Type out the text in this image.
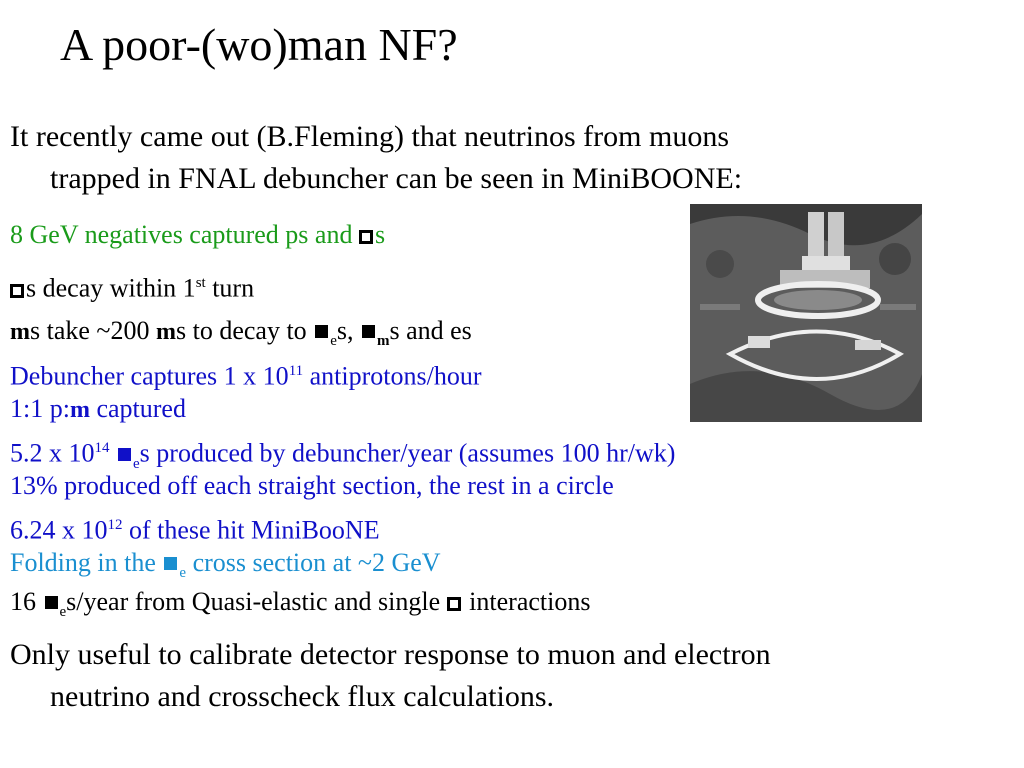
A poor-(wo)man NF?
It recently came out (B.Fleming) that neutrinos from muons
trapped in FNAL debuncher can be seen in MiniBOONE:
8 GeV negatives captured ps and s
s decay within 1st turn
ms take ~200 ms to decay to $_e$s, $_m$s and es
Debuncher captures 1 x $10^{11}$ antiprotons/hour
1:1 p:m captured
5.2 x $10^{14}$ $_e$s produced by debuncher/year (assumes 100 hr/wk)
13% produced off each straight section, the rest in a circle
6.24 x $10^{12}$ of these hit MiniBooNE
Folding in the $_e$ cross section at ~2 GeV
16 $_e$s/year from Quasi-elastic and single  interactions
Only useful to calibrate detector response to muon and electron
neutrino and crosscheck flux calculations.
